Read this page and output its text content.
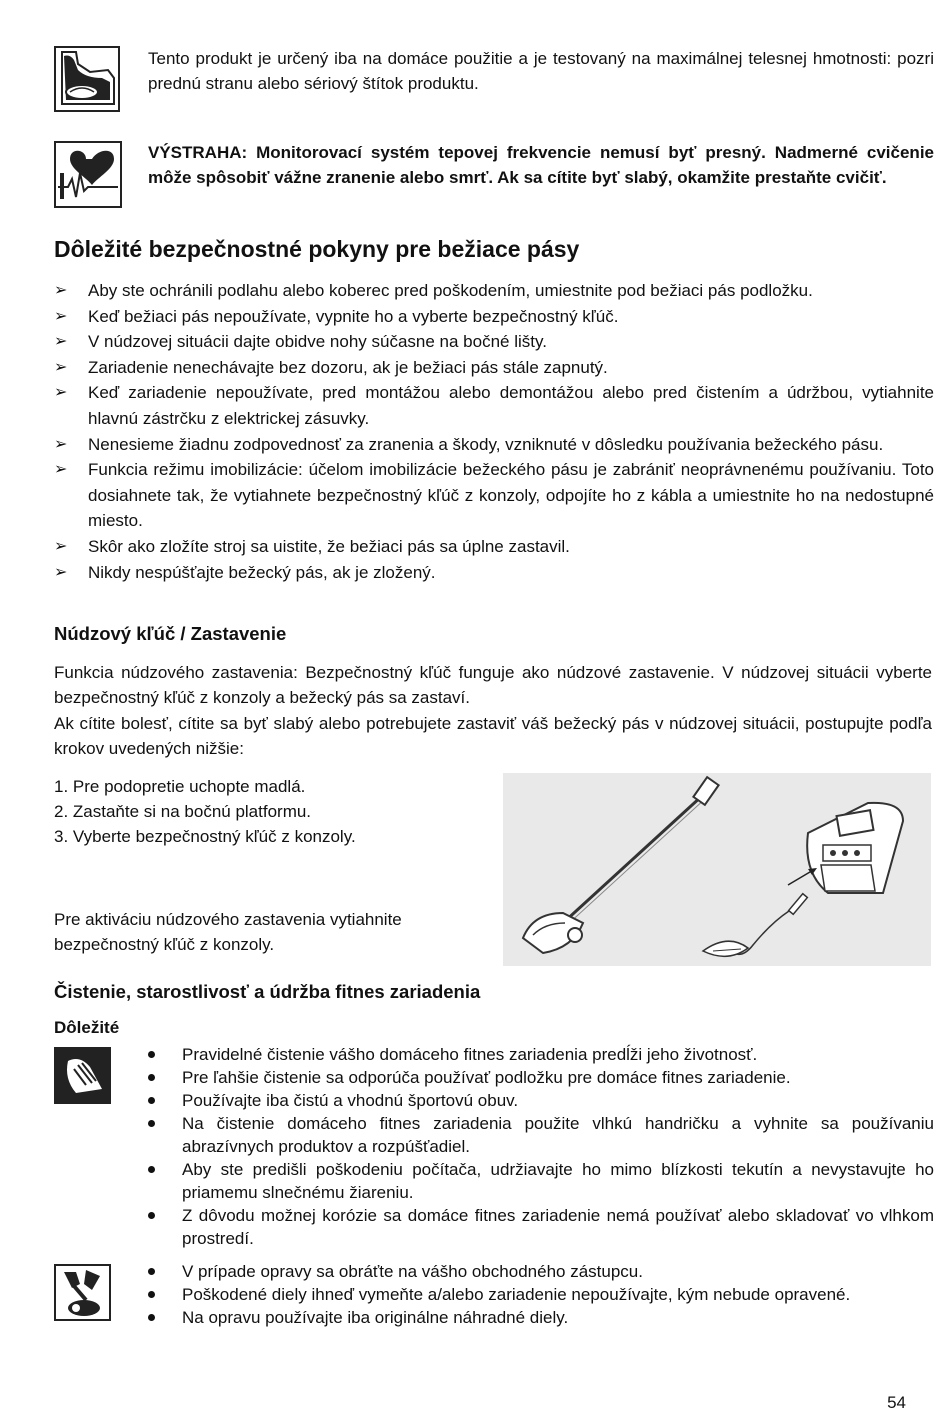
Tento produkt je určený iba na domáce použitie a je testovaný na maximálnej telesnej hmotnosti: pozri prednú stranu alebo sériový štítok produktu.
VÝSTRAHA: Monitorovací systém tepovej frekvencie nemusí byť presný. Nadmerné cvičenie môže spôsobiť vážne zranenie alebo smrť. Ak sa cítite byť slabý, okamžite prestaňte cvičiť.
Dôležité bezpečnostné pokyny pre bežiace pásy
➢	Aby ste ochránili podlahu alebo koberec pred poškodením, umiestnite pod bežiaci pás podložku.
➢	Keď bežiaci pás nepoužívate, vypnite ho a vyberte bezpečnostný kľúč.
➢	V núdzovej situácii dajte obidve nohy súčasne na bočné lišty.
➢	Zariadenie nenechávajte bez dozoru, ak je bežiaci pás stále zapnutý.
➢	Keď zariadenie nepoužívate, pred montážou alebo demontážou alebo pred čistením a údržbou, vytiahnite hlavnú zástrčku z elektrickej zásuvky.
➢	Nenesieme žiadnu zodpovednosť za zranenia a škody, vzniknuté v dôsledku používania bežeckého pásu.
➢	Funkcia režimu imobilizácie: účelom imobilizácie bežeckého pásu je zabrániť neoprávnenému používaniu. Toto dosiahnete tak, že vytiahnete bezpečnostný kľúč z konzoly, odpojíte ho z kábla a umiestnite ho na nedostupné miesto.
➢	Skôr ako zložíte stroj sa uistite, že bežiaci pás sa úplne zastavil.
➢	Nikdy nespúšťajte bežecký pás, ak je zložený.
Núdzový kľúč / Zastavenie
Funkcia núdzového zastavenia: Bezpečnostný kľúč funguje ako núdzové zastavenie. V núdzovej situácii vyberte bezpečnostný kľúč z konzoly a bežecký pás sa zastaví.
Ak cítite bolesť, cítite sa byť slabý alebo potrebujete zastaviť váš bežecký pás v núdzovej situácii, postupujte podľa krokov uvedených nižšie:
1. Pre podopretie uchopte madlá.
2. Zastaňte si na bočnú platformu.
3. Vyberte bezpečnostný kľúč z konzoly.
Pre aktiváciu núdzového zastavenia vytiahnite
bezpečnostný kľúč z konzoly.
Čistenie, starostlivosť a údržba fitnes zariadenia
Dôležité
Pravidelné čistenie vášho domáceho fitnes zariadenia predĺži jeho životnosť.
Pre ľahšie čistenie sa odporúča používať podložku pre domáce fitnes zariadenie.
Používajte iba čistú a vhodnú športovú obuv.
Na čistenie domáceho fitnes zariadenia použite vlhkú handričku a vyhnite sa používaniu abrazívnych produktov a rozpúšťadiel.
Aby ste predišli poškodeniu počítača, udržiavajte ho mimo blízkosti tekutín a nevystavujte ho priamemu slnečnému žiareniu.
Z dôvodu možnej korózie sa domáce fitnes zariadenie nemá používať alebo skladovať vo vlhkom prostredí.
V prípade opravy sa obráťte na vášho obchodného zástupcu.
Poškodené diely ihneď vymeňte a/alebo zariadenie nepoužívajte, kým nebude opravené.
Na opravu používajte iba originálne náhradné diely.
54
